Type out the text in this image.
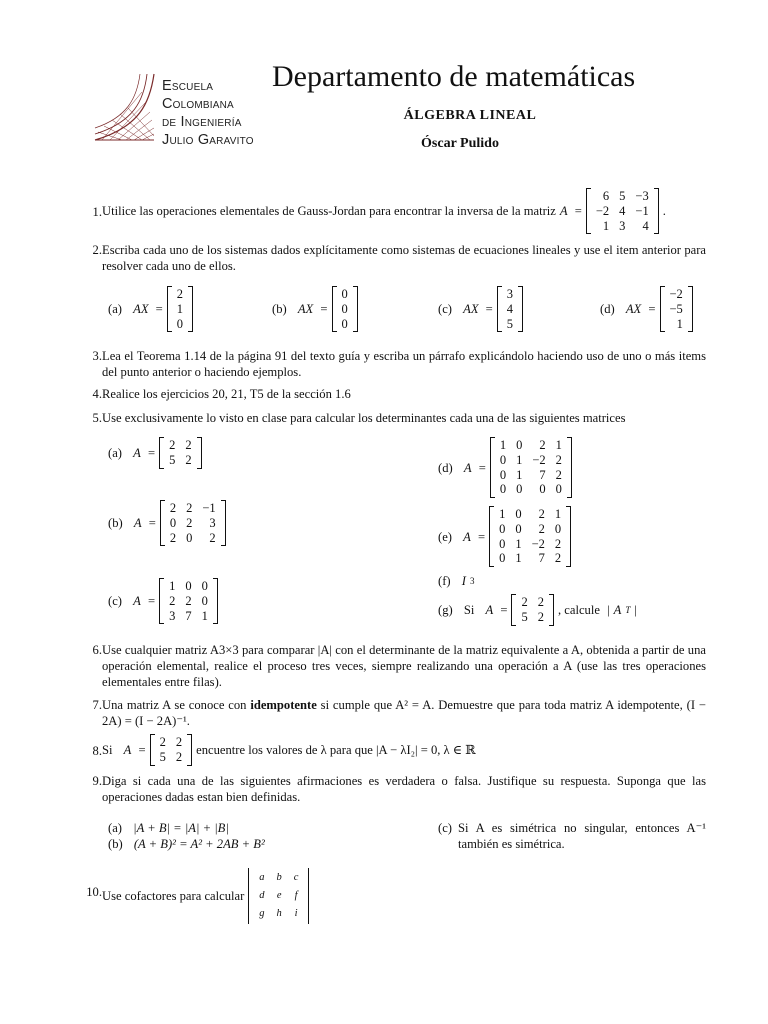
Escuela
Colombiana
de Ingeniería
Julio Garavito
Departamento de matemáticas
ÁLGEBRA LINEAL
Óscar Pulido
1. Utilice las operaciones elementales de Gauss-Jordan para encontrar la inversa de la matriz A =
6	5	−3
−2	4	−1
1	3	4
.
2. Escriba cada uno de los sistemas dados explícitamente como sistemas de ecuaciones lineales y use el item anterior para resolver cada uno de ellos.
(a)
AX =
2
1
0
(b)
AX =
0
0
0
(c)
AX =
3
4
5
(d)
AX =
−2
−5
1
3. Lea el Teorema 1.14 de la página 91 del texto guía y escriba un párrafo explicándolo haciendo uso de uno o más items del punto anterior o haciendo ejemplos.
4. Realice los ejercicios 20, 21, T5 de la sección 1.6
5. Use exclusivamente lo visto en clase para calcular los determinantes cada una de las siguientes matrices
(a)
A =
2	2
5	2
(b)
A =
2	2	−1
0	2	3
2	0	2
(c)
A =
1	0	0
2	2	0
3	7	1
(d)
A =
1	0	2	1
0	1	−2	2
0	1	7	2
0	0	0	0
(e)
A =
1	0	2	1
0	0	2	0
0	1	−2	2
0	1	7	2
(f)
I 3
(g)
Si
A =
2	2
5	2 , calcule | A T |
6. Use cualquier matriz A3×3 para comparar |A| con el determinante de la matriz equivalente a A, obtenida a partir de una operación elemental, realice el proceso tres veces, siempre realizando una operación a A (use las tres operaciones elementales entre filas).
7. Una matriz A se conoce con idempotente si cumple que A² = A. Demuestre que para toda matriz A idempotente, (I − 2A) = (I − 2A)⁻¹.
8. Si
A =
2	2
5	2 encuentre los valores de λ para que |A − λI₂| = 0, λ ∈ ℝ
9. Diga si cada una de las siguientes afirmaciones es verdadera o falsa. Justifique su respuesta. Suponga que las operaciones dadas estan bien definidas.
(a)
|A + B| = |A| + |B|
(b)
(A + B)² = A² + 2AB + B²
(c) Si A es simétrica no singular, entonces A⁻¹ también es simétrica.
10. Use cofactores para calcular
a	b	c
d	e	f
g	h	i
